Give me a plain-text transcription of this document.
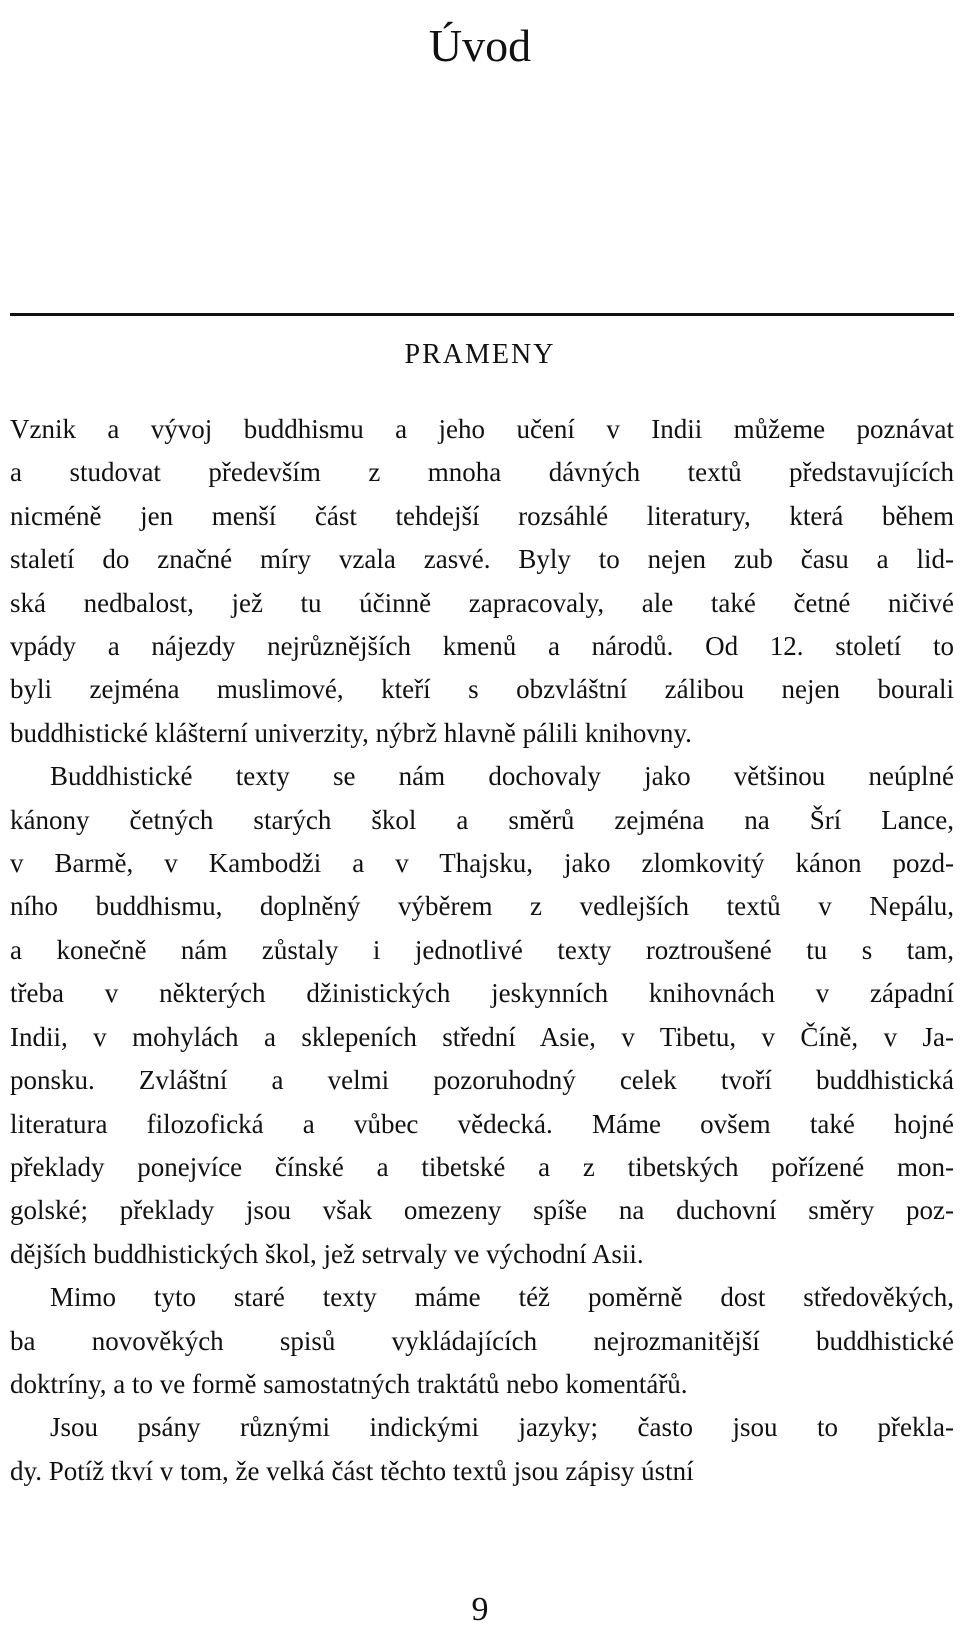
Úvod
PRAMENY

Vznik a vývoj buddhismu a jeho učení v Indii můžeme poznávat

a studovat především z mnoha dávných textů představujících

nicméně jen menší část tehdejší rozsáhlé literatury, která během

staletí do značné míry vzala zasvé. Byly to nejen zub času a lid-

ská nedbalost, jež tu účinně zapracovaly, ale také četné ničivé

vpády a nájezdy nejrůznějších kmenů a národů. Od 12. století to

byli zejména muslimové, kteří s obzvláštní zálibou nejen bourali

buddhistické klášterní univerzity, nýbrž hlavně pálili knihovny.

Buddhistické texty se nám dochovaly jako většinou neúplné

kánony četných starých škol a směrů zejména na Šrí Lance,

v Barmě, v Kambodži a v Thajsku, jako zlomkovitý kánon pozd-

ního buddhismu, doplněný výběrem z vedlejších textů v Nepálu,

a konečně nám zůstaly i jednotlivé texty roztroušené tu s tam,

třeba v některých džinistických jeskynních knihovnách v západní

Indii, v mohylách a sklepeních střední Asie, v Tibetu, v Číně, v Ja-

ponsku. Zvláštní a velmi pozoruhodný celek tvoří buddhistická

literatura filozofická a vůbec vědecká. Máme ovšem také hojné

překlady ponejvíce čínské a tibetské a z tibetských pořízené mon-

golské; překlady jsou však omezeny spíše na duchovní směry poz-

dějších buddhistických škol, jež setrvaly ve východní Asii.

Mimo tyto staré texty máme též poměrně dost středověkých,

ba novověkých spisů vykládajících nejrozmanitější buddhistické

doktríny, a to ve formě samostatných traktátů nebo komentářů.

Jsou psány různými indickými jazyky; často jsou to překla-

dy. Potíž tkví v tom, že velká část těchto textů jsou zápisy ústní

9
